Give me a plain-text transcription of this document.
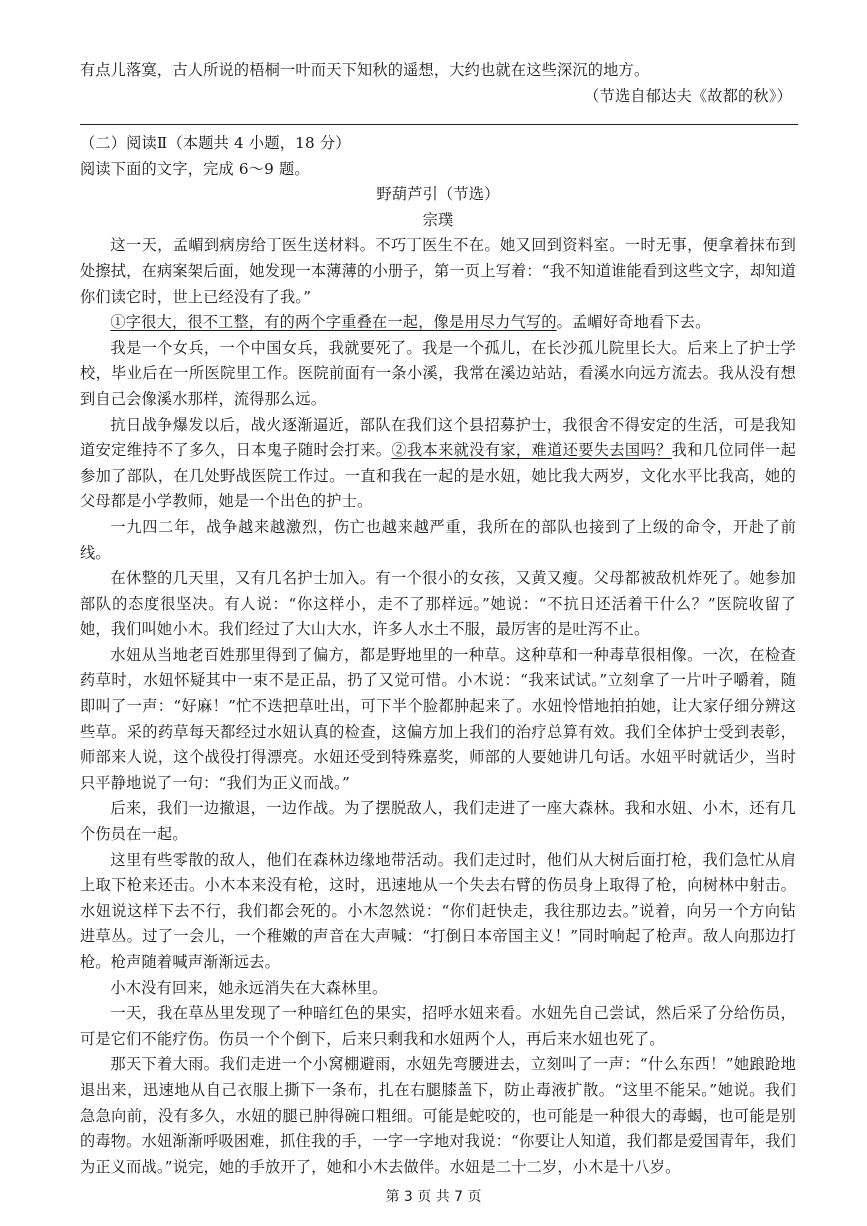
有点儿落寞，古人所说的梧桐一叶而天下知秋的遥想，大约也就在这些深沉的地方。

（节选自郁达夫《故都的秋》）

（二）阅读Ⅱ（本题共 4 小题，18 分）

阅读下面的文字，完成 6～9 题。

野葫芦引（节选）

宗璞

这一天，孟嵋到病房给丁医生送材料。不巧丁医生不在。她又回到资料室。一时无事，便拿着抹布到处擦拭，在病案架后面，她发现一本薄薄的小册子，第一页上写着：“我不知道谁能看到这些文字，却知道你们读它时，世上已经没有了我。”

①字很大，很不工整，有的两个字重叠在一起，像是用尽力气写的。孟嵋好奇地看下去。

我是一个女兵，一个中国女兵，我就要死了。我是一个孤儿，在长沙孤儿院里长大。后来上了护士学校，毕业后在一所医院里工作。医院前面有一条小溪，我常在溪边站站，看溪水向远方流去。我从没有想到自己会像溪水那样，流得那么远。

抗日战争爆发以后，战火逐渐逼近，部队在我们这个县招募护士，我很舍不得安定的生活，可是我知道安定维持不了多久，日本鬼子随时会打来。②我本来就没有家，难道还要失去国吗？我和几位同伴一起参加了部队，在几处野战医院工作过。一直和我在一起的是水妞，她比我大两岁，文化水平比我高，她的父母都是小学教师，她是一个出色的护士。

一九四二年，战争越来越激烈，伤亡也越来越严重，我所在的部队也接到了上级的命令，开赴了前线。

在休整的几天里，又有几名护士加入。有一个很小的女孩，又黄又瘦。父母都被敌机炸死了。她参加部队的态度很坚决。有人说：“你这样小，走不了那样远。”她说：“不抗日还活着干什么？”医院收留了她，我们叫她小木。我们经过了大山大水，许多人水土不服，最厉害的是吐泻不止。

水妞从当地老百姓那里得到了偏方，都是野地里的一种草。这种草和一种毒草很相像。一次，在检查药草时，水妞怀疑其中一束不是正品，扔了又觉可惜。小木说：“我来试试。”立刻拿了一片叶子嚼着，随即叫了一声：“好麻！”忙不迭把草吐出，可下半个脸都肿起来了。水妞怜惜地拍拍她，让大家仔细分辨这些草。采的药草每天都经过水妞认真的检查，这偏方加上我们的治疗总算有效。我们全体护士受到表彰，师部来人说，这个战役打得漂亮。水妞还受到特殊嘉奖，师部的人要她讲几句话。水妞平时就话少，当时只平静地说了一句：“我们为正义而战。”

后来，我们一边撤退，一边作战。为了摆脱敌人，我们走进了一座大森林。我和水妞、小木，还有几个伤员在一起。

这里有些零散的敌人，他们在森林边缘地带活动。我们走过时，他们从大树后面打枪，我们急忙从肩上取下枪来还击。小木本来没有枪，这时，迅速地从一个失去右臂的伤员身上取得了枪，向树林中射击。水妞说这样下去不行，我们都会死的。小木忽然说：“你们赶快走，我往那边去。”说着，向另一个方向钻进草丛。过了一会儿，一个稚嫩的声音在大声喊：“打倒日本帝国主义！”同时响起了枪声。敌人向那边打枪。枪声随着喊声渐渐远去。

小木没有回来，她永远消失在大森林里。

一天，我在草丛里发现了一种暗红色的果实，招呼水妞来看。水妞先自己尝试，然后采了分给伤员，可是它们不能疗伤。伤员一个个倒下，后来只剩我和水妞两个人，再后来水妞也死了。

那天下着大雨。我们走进一个小窝棚避雨，水妞先弯腰进去，立刻叫了一声：“什么东西！”她踉跄地退出来，迅速地从自己衣服上撕下一条布，扎在右腿膝盖下，防止毒液扩散。“这里不能呆。”她说。我们急急向前，没有多久，水妞的腿已肿得碗口粗细。可能是蛇咬的，也可能是一种很大的毒蝎，也可能是别的毒物。水妞渐渐呼吸困难，抓住我的手，一字一字地对我说：“你要让人知道，我们都是爱国青年，我们为正义而战。”说完，她的手放开了，她和小木去做伴。水妞是二十二岁，小木是十八岁。

第 3 页 共 7 页
